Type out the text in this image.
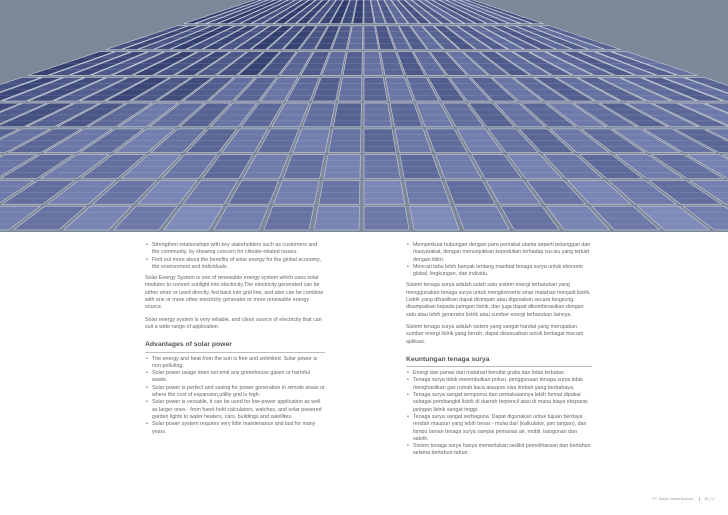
• Strengthen relationships with key stakeholders such as customers and the community, by showing concern for climate-related issues.
• Find out more about the benefits of solar energy for the global economy, the environment and individuals.

Solar Energy System is one of renewable energy system which uses solar modules to convert sunlight into electricity.The electricity generated can be either store or used directly, fed back into grid line, and also can be combine with one or more other electricity generator or more renewable energy source.

Solar energy system is very reliable, and clean source of electricity that can suit a wide range of application.

Advantages of solar power
• The energy and heat from the sun is free and unlimited. Solar power is non-polluting.
• Solar power usage does not emit any greenhouse gases or harmful waste.
• Solar power is perfect and saving for power generation in remote areas or where the cost of expansion,utility grid is high.
• Solar power is versatile, it can be used for low-power application as well as larger ones - from hand-held calculators, watches, and solar powered garden lights to water heaters, cars, buildings and satellites.
• Solar power system requires very little maintenance and last for many years.
• Memperkuat hubungan dengan para pemakai utama seperti pelanggan dan masyarakat, dengan menunjukkan kepedulian terhadap isu-isu yang terkait dengan iklim.
• Mencari tahu lebih banyak tentang manfaat tenaga surya untuk ekonomi global, lingkungan, dan individu.

Sistem tenaga surya adalah salah satu sistem energi terbarukan yang menggunakan tenaga surya untuk mengkonversi sinar matahari menjadi listrik. Listrik yang dihasilkan dapat disimpan atau digunakan secara langsung, disampaikan kepada jaringan listrik, dan juga dapat dikombinasikan dengan satu atau lebih generator listrik atau sumber energi terbarukan lainnya.

Sistem tenaga surya adalah sistem yang sangat handal yang merupakan sumber energi listrik yang bersih, dapat disesuaikan untuk berbagai macam aplikasi.

Keuntungan tenaga surya
• Energi dan panas dari matahari bersifat gratis dan tidak terbatas.
• Tenaga surya tidak menimbulkan polusi, penggunaan tenaga surya tidak menghasilkan gas rumah kaca ataupun sisa limbah yang berbahaya.
• Tenaga surya sangat sempurna dan pemakaiannya lebih hemat dipakai sebagai pembangkit listrik di daerah terpencil atau di mana biaya ekspansi jaringan listrik sangat tinggi.
• Tenaga surya sangat serbaguna. Dapat digunakan untuk tujuan berdaya rendah maupun yang lebih besar - mulai dari (kalkulator, jam tangan), dan lampu taman tenaga surya sampai pemanas air, mobil, bangunan dan satelit.
• Sistem tenaga surya hanya memerlukan sedikit pemeliharaan dan bertahan selama bertahun-tahun.
PT. Surya Utama Nuansa	16 | 17
